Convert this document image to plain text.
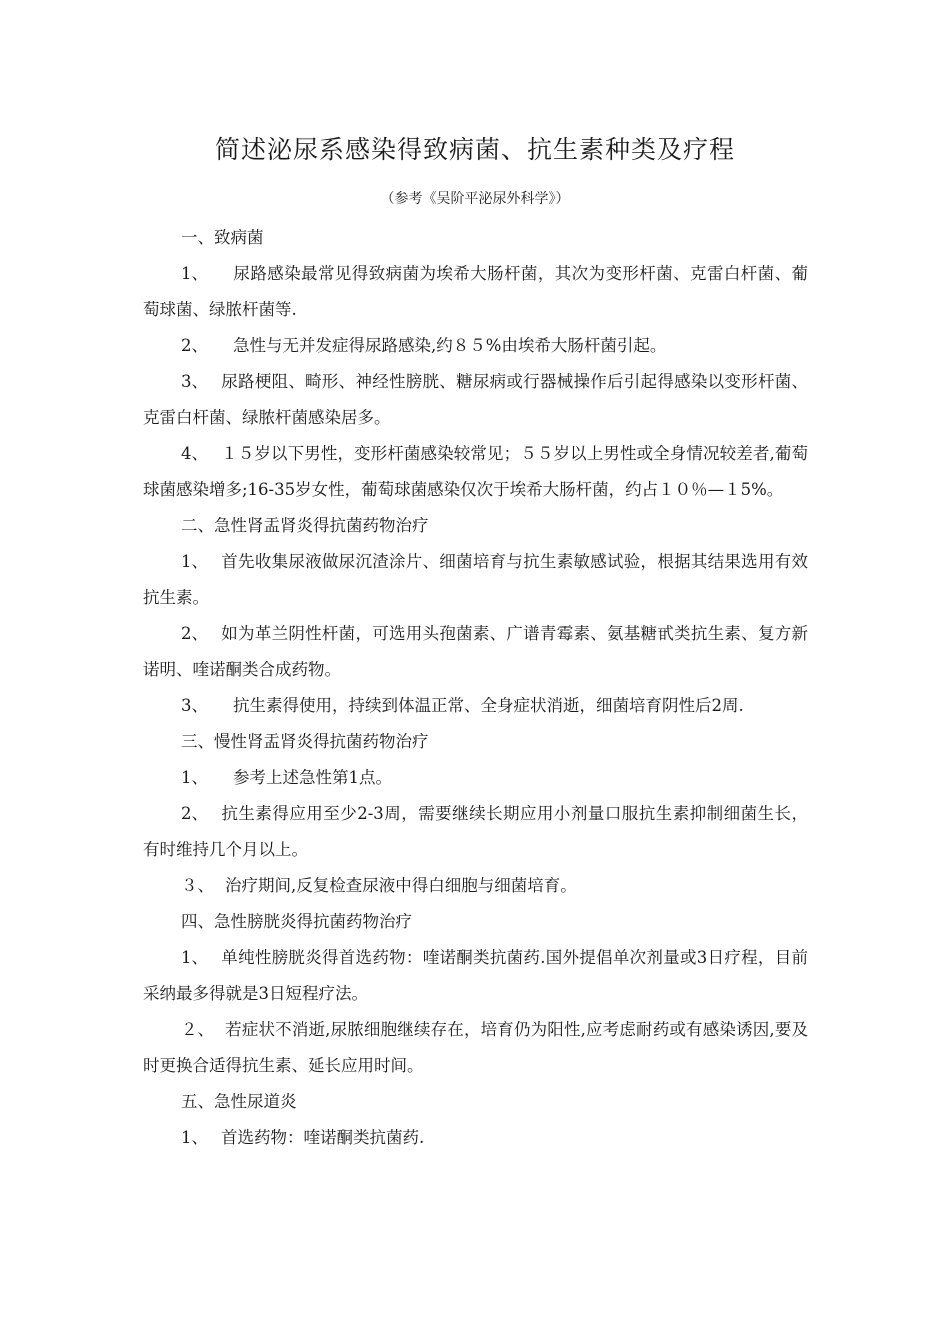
简述泌尿系感染得致病菌、抗生素种类及疗程
（参考《吴阶平泌尿外科学》）
一、致病菌

1、 尿路感染最常见得致病菌为埃希大肠杆菌，其次为变形杆菌、克雷白杆菌、葡萄球菌、绿脓杆菌等.

2、 急性与无并发症得尿路感染,约８５%由埃希大肠杆菌引起。

3、 尿路梗阻、畸形、神经性膀胱、糖尿病或行器械操作后引起得感染以变形杆菌、克雷白杆菌、绿脓杆菌感染居多。

4、 １５岁以下男性，变形杆菌感染较常见；５５岁以上男性或全身情况较差者,葡萄球菌感染增多;16-35岁女性，葡萄球菌感染仅次于埃希大肠杆菌，约占１０％—１5%。

二、急性肾盂肾炎得抗菌药物治疗

1、 首先收集尿液做尿沉渣涂片、细菌培育与抗生素敏感试验，根据其结果选用有效抗生素。

2、 如为革兰阴性杆菌，可选用头孢菌素、广谱青霉素、氨基糖甙类抗生素、复方新诺明、喹诺酮类合成药物。

3、 抗生素得使用，持续到体温正常、全身症状消逝，细菌培育阴性后2周.

三、慢性肾盂肾炎得抗菌药物治疗

1、 参考上述急性第1点。

2、 抗生素得应用至少2-3周，需要继续长期应用小剂量口服抗生素抑制细菌生长，有时维持几个月以上。

３、 治疗期间,反复检查尿液中得白细胞与细菌培育。

四、急性膀胱炎得抗菌药物治疗

1、 单纯性膀胱炎得首选药物：喹诺酮类抗菌药.国外提倡单次剂量或3日疗程，目前采纳最多得就是3日短程疗法。

２、 若症状不消逝,尿脓细胞继续存在，培育仍为阳性,应考虑耐药或有感染诱因,要及时更换合适得抗生素、延长应用时间。

五、急性尿道炎

1、 首选药物：喹诺酮类抗菌药.
